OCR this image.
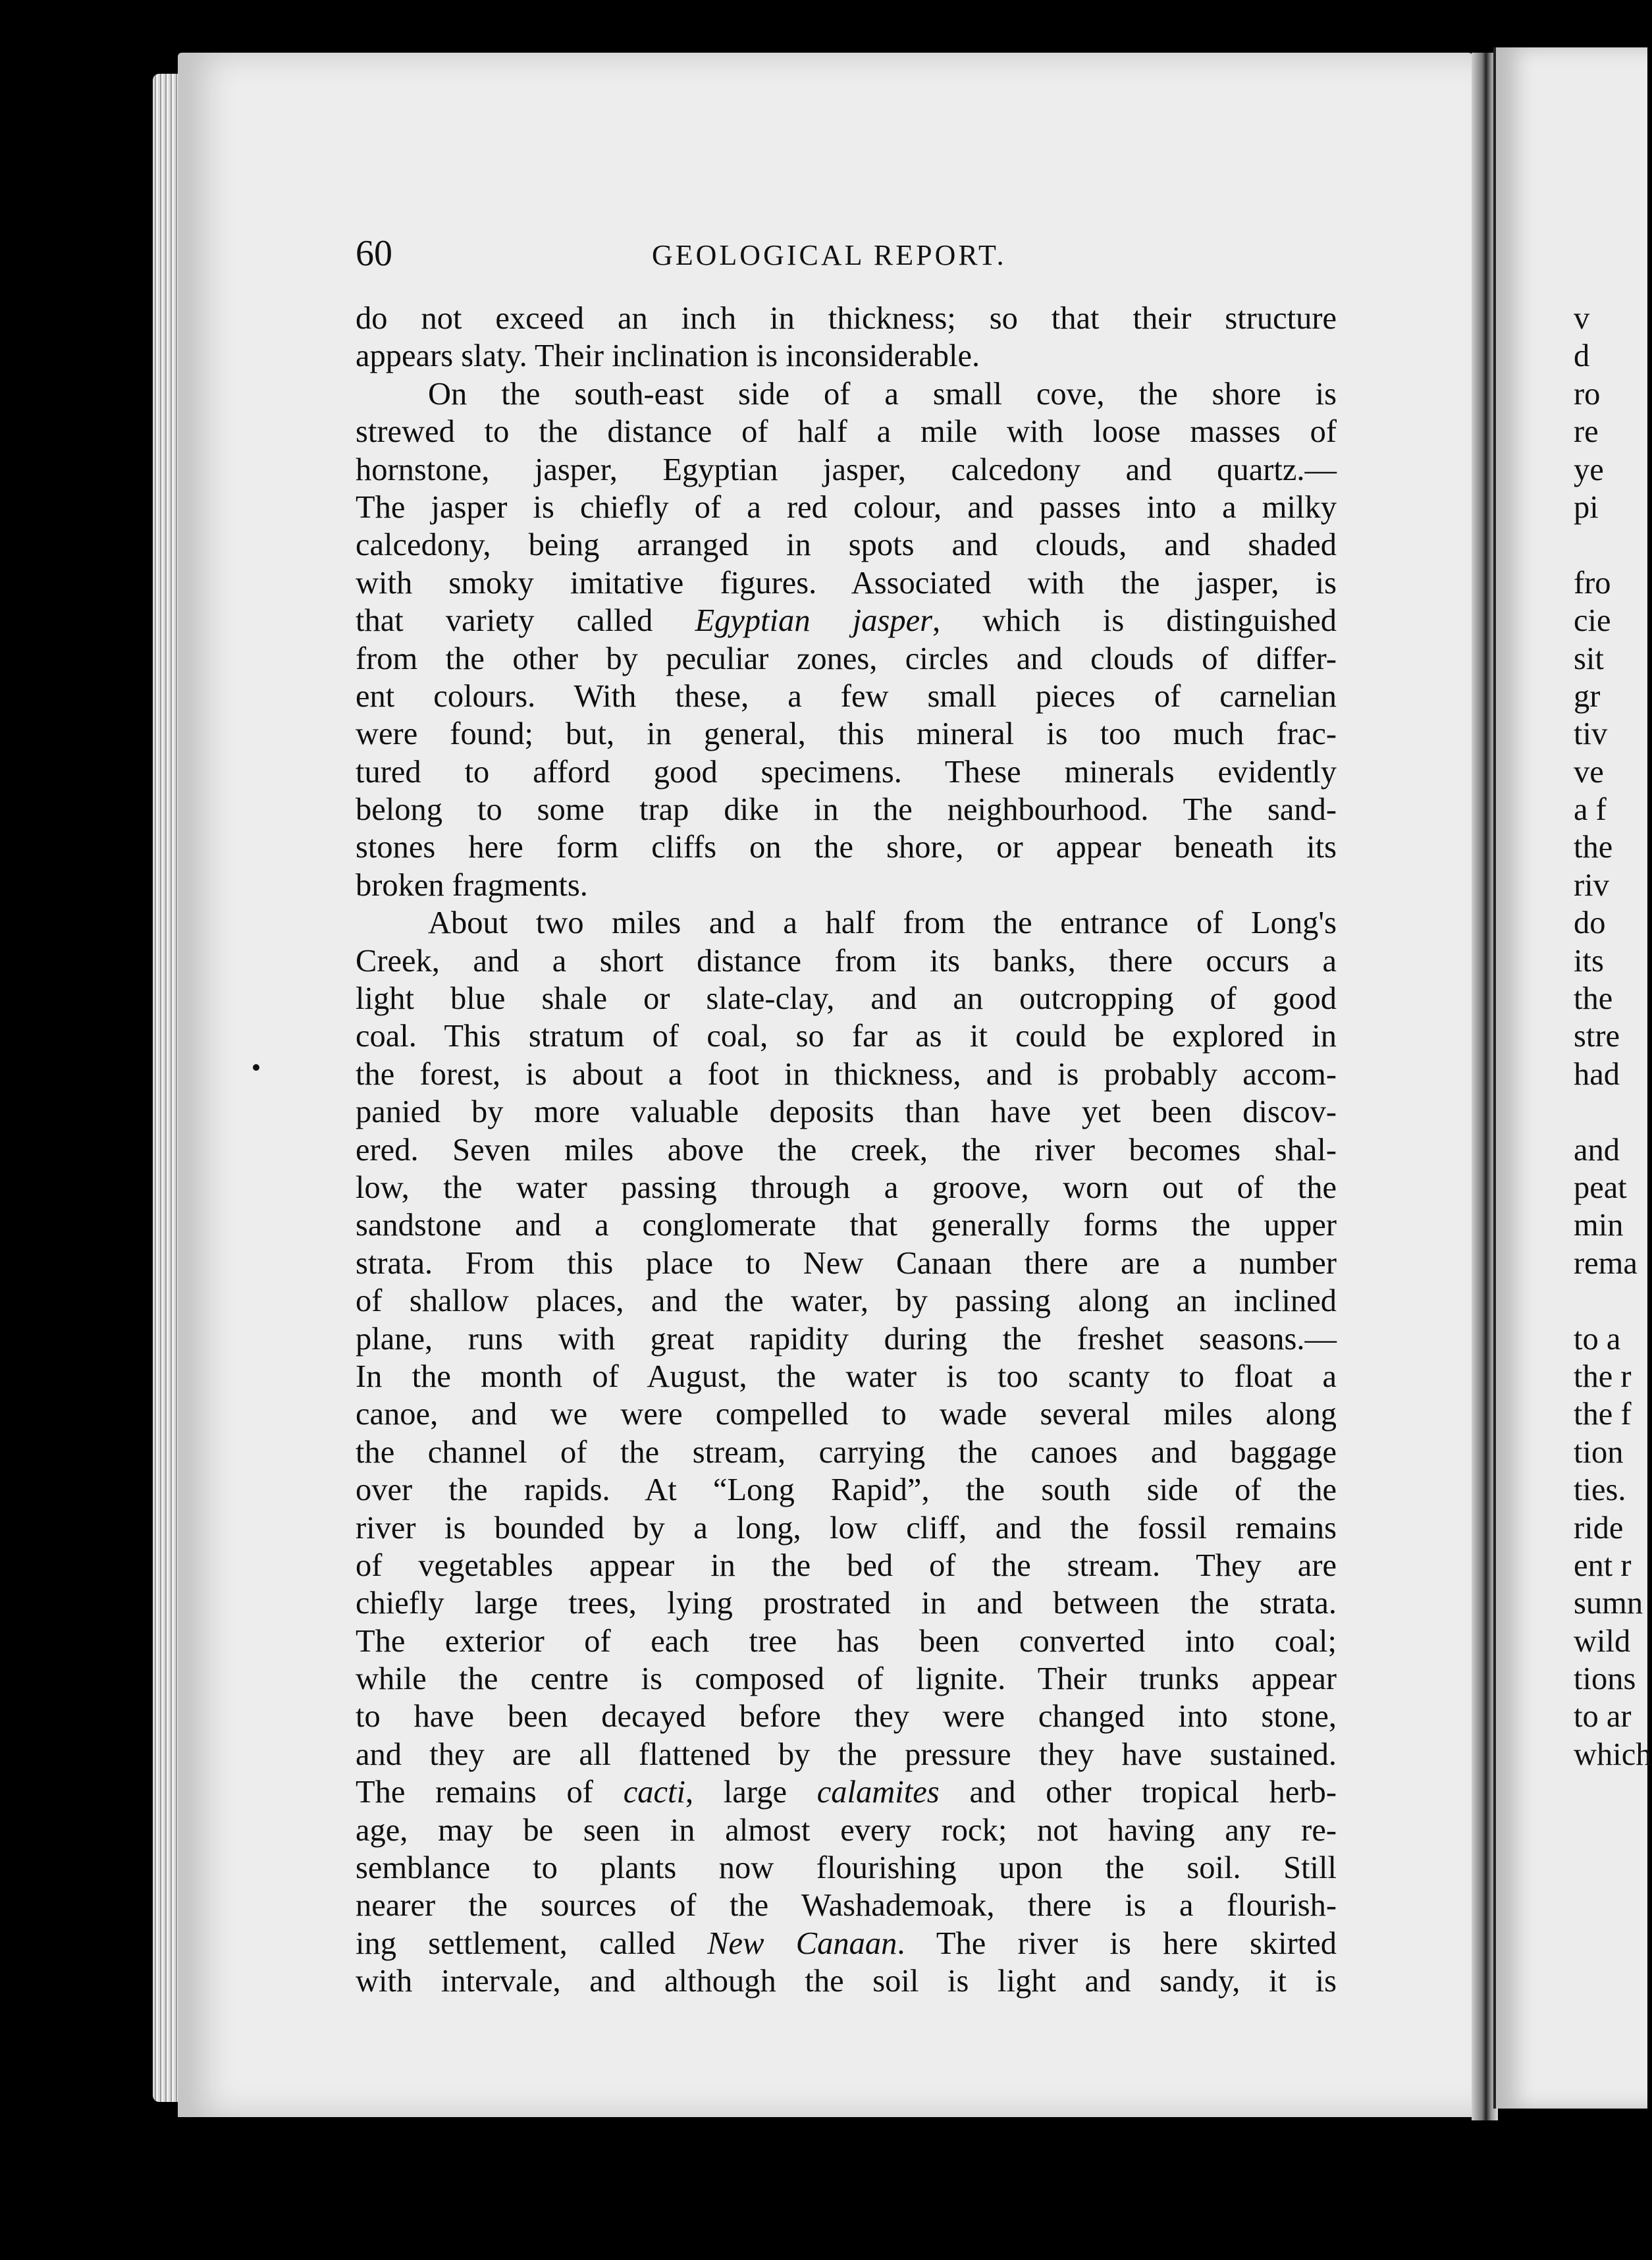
60	GEOLOGICAL REPORT.
do not exceed an inch in thickness; so that their structure
appears slaty. Their inclination is inconsiderable.
On the south-east side of a small cove, the shore is
strewed to the distance of half a mile with loose masses of
hornstone, jasper, Egyptian jasper, calcedony and quartz.—
The jasper is chiefly of a red colour, and passes into a milky
calcedony, being arranged in spots and clouds, and shaded
with smoky imitative figures. Associated with the jasper, is
that variety called Egyptian jasper, which is distinguished
from the other by peculiar zones, circles and clouds of differ-
ent colours. With these, a few small pieces of carnelian
were found; but, in general, this mineral is too much frac-
tured to afford good specimens. These minerals evidently
belong to some trap dike in the neighbourhood. The sand-
stones here form cliffs on the shore, or appear beneath its
broken fragments.
About two miles and a half from the entrance of Long's
Creek, and a short distance from its banks, there occurs a
light blue shale or slate-clay, and an outcropping of good
coal. This stratum of coal, so far as it could be explored in
the forest, is about a foot in thickness, and is probably accom-
panied by more valuable deposits than have yet been discov-
ered. Seven miles above the creek, the river becomes shal-
low, the water passing through a groove, worn out of the
sandstone and a conglomerate that generally forms the upper
strata. From this place to New Canaan there are a number
of shallow places, and the water, by passing along an inclined
plane, runs with great rapidity during the freshet seasons.—
In the month of August, the water is too scanty to float a
canoe, and we were compelled to wade several miles along
the channel of the stream, carrying the canoes and baggage
over the rapids. At “Long Rapid”, the south side of the
river is bounded by a long, low cliff, and the fossil remains
of vegetables appear in the bed of the stream. They are
chiefly large trees, lying prostrated in and between the strata.
The exterior of each tree has been converted into coal;
while the centre is composed of lignite. Their trunks appear
to have been decayed before they were changed into stone,
and they are all flattened by the pressure they have sustained.
The remains of cacti, large calamites and other tropical herb-
age, may be seen in almost every rock; not having any re-
semblance to plants now flourishing upon the soil. Still
nearer the sources of the Washademoak, there is a flourish-
ing settlement, called New Canaan. The river is here skirted
with intervale, and although the soil is light and sandy, it is
v
d
ro
re
ye
pi
fro
cie
sit
gr
tiv
ve
a f
the
riv
do
its
the
stre
had
and
peat
min
rema
to a
the r
the f
tion
ties.
ride
ent r
sumn
wild
tions
to ar
which
